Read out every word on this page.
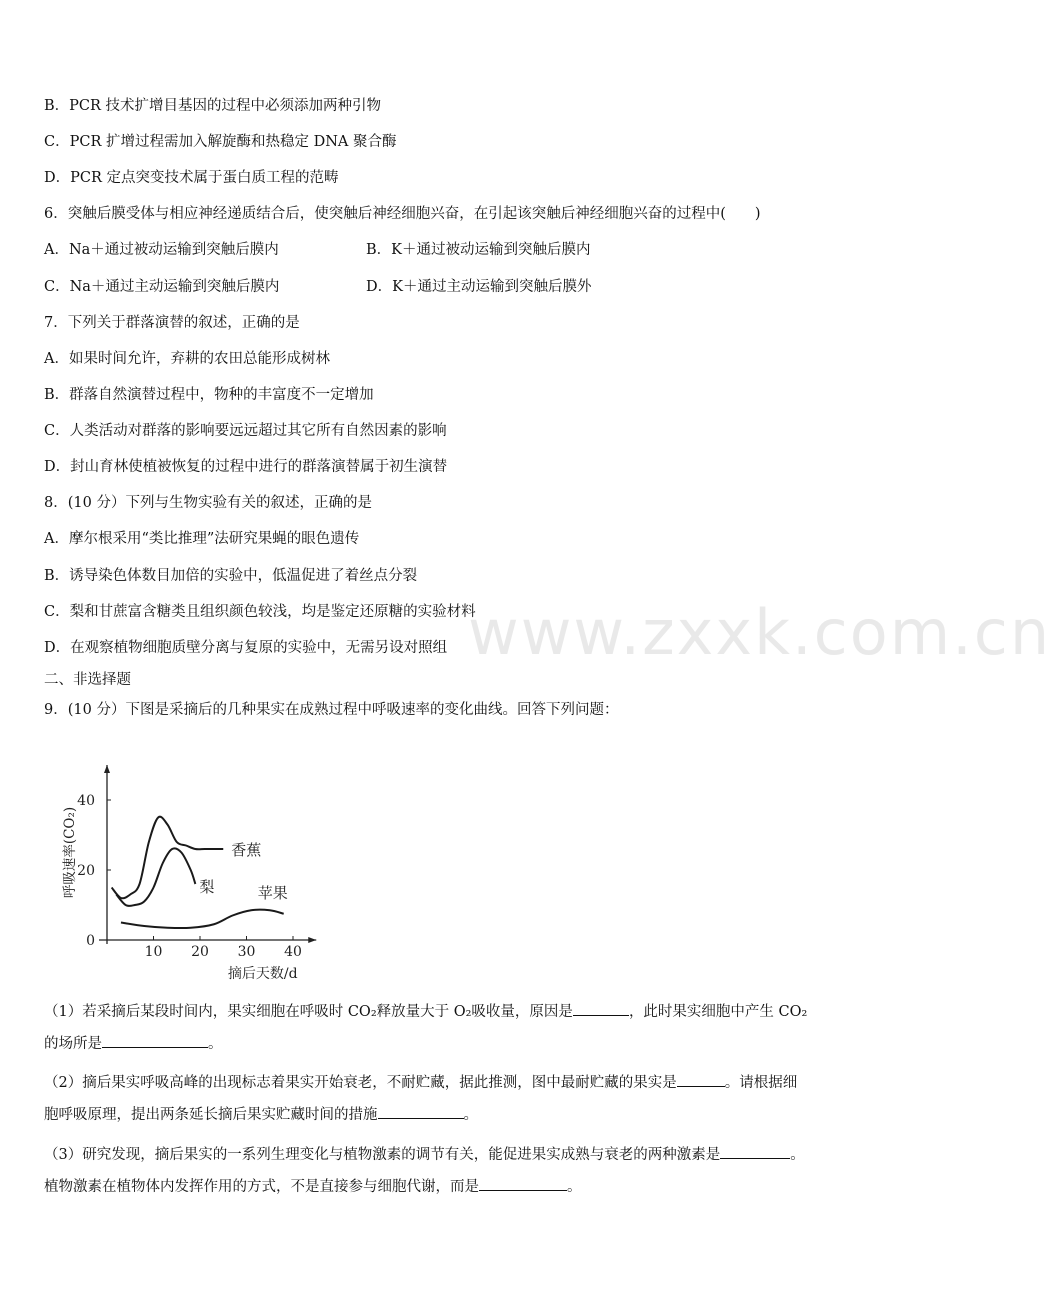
www.zxxk.com.cn
B．PCR 技术扩增目基因的过程中必须添加两种引物
C．PCR 扩增过程需加入解旋酶和热稳定 DNA 聚合酶
D．PCR 定点突变技术属于蛋白质工程的范畴
6．突触后膜受体与相应神经递质结合后，使突触后神经细胞兴奋，在引起该突触后神经细胞兴奋的过程中(　　)
A．Na＋通过被动运输到突触后膜内	B．K＋通过被动运输到突触后膜内
C．Na＋通过主动运输到突触后膜内	D．K＋通过主动运输到突触后膜外
7．下列关于群落演替的叙述，正确的是
A．如果时间允许，弃耕的农田总能形成树林
B．群落自然演替过程中，物种的丰富度不一定增加
C．人类活动对群落的影响要远远超过其它所有自然因素的影响
D．封山育林使植被恢复的过程中进行的群落演替属于初生演替
8．(10 分）下列与生物实验有关的叙述，正确的是
A．摩尔根采用“类比推理”法研究果蝇的眼色遗传
B．诱导染色体数目加倍的实验中，低温促进了着丝点分裂
C．梨和甘蔗富含糖类且组织颜色较浅，均是鉴定还原糖的实验材料
D．在观察植物细胞质壁分离与复原的实验中，无需另设对照组
二、非选择题
9．(10 分）下图是采摘后的几种果实在成熟过程中呼吸速率的变化曲线。回答下列问题：
10 20 30 40
0
20
40
摘后天数/d
呼吸速率(CO₂)	香蕉
梨	苹果
（1）若采摘后某段时间内，果实细胞在呼吸时 CO₂释放量大于 O₂吸收量，原因是	，此时果实细胞中产生 CO₂
的场所是	。
（2）摘后果实呼吸高峰的出现标志着果实开始衰老，不耐贮藏，据此推测，图中最耐贮藏的果实是	。请根据细
胞呼吸原理，提出两条延长摘后果实贮藏时间的措施	。
（3）研究发现，摘后果实的一系列生理变化与植物激素的调节有关，能促进果实成熟与衰老的两种激素是	。
植物激素在植物体内发挥作用的方式，不是直接参与细胞代谢，而是	。
